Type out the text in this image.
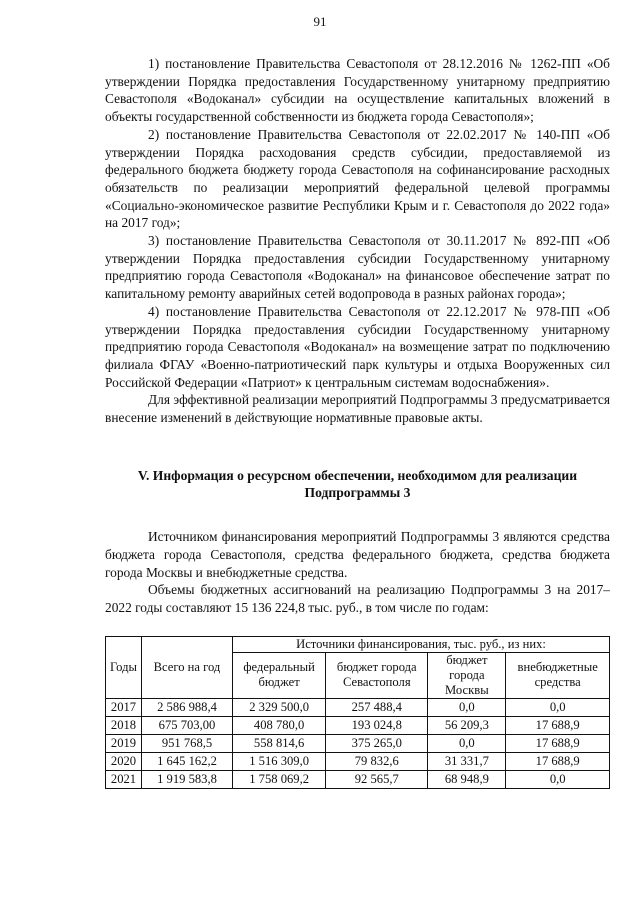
91

1) постановление Правительства Севастополя от 28.12.2016 № 1262-ПП «Об утверждении Порядка предоставления Государственному унитарному предприятию Севастополя «Водоканал» субсидии на осуществление капитальных вложений в объекты государственной собственности из бюджета города Севастополя»;

2) постановление Правительства Севастополя от 22.02.2017 № 140-ПП «Об утверждении Порядка расходования средств субсидии, предоставляемой из федерального бюджета бюджету города Севастополя на софинансирование расходных обязательств по реализации мероприятий федеральной целевой программы «Социально-экономическое развитие Республики Крым и г. Севастополя до 2022 года» на 2017 год»;

3) постановление Правительства Севастополя от 30.11.2017 № 892-ПП «Об утверждении Порядка предоставления субсидии Государственному унитарному предприятию города Севастополя «Водоканал» на финансовое обеспечение затрат по капитальному ремонту аварийных сетей водопровода в разных районах города»;

4) постановление Правительства Севастополя от 22.12.2017 № 978-ПП «Об утверждении Порядка предоставления субсидии Государственному унитарному предприятию города Севастополя «Водоканал» на возмещение затрат по подключению филиала ФГАУ «Военно-патриотический парк культуры и отдыха Вооруженных сил Российской Федерации «Патриот» к центральным системам водоснабжения».

Для эффективной реализации мероприятий Подпрограммы 3 предусматривается внесение изменений в действующие нормативные правовые акты.

V. Информация о ресурсном обеспечении, необходимом для реализации Подпрограммы 3

Источником финансирования мероприятий Подпрограммы 3 являются средства бюджета города Севастополя, средства федерального бюджета, средства бюджета города Москвы и внебюджетные средства.

Объемы бюджетных ассигнований на реализацию Подпрограммы 3 на 2017–2022 годы составляют 15 136 224,8 тыс. руб., в том числе по годам:

Годы	Всего на год	Источники финансирования, тыс. руб., из них:			
		федеральный бюджет	бюджет города Севастополя	бюджет города Москвы	внебюджетные средства
2017	2 586 988,4	2 329 500,0	257 488,4	0,0	0,0
2018	675 703,00	408 780,0	193 024,8	56 209,3	17 688,9
2019	951 768,5	558 814,6	375 265,0	0,0	17 688,9
2020	1 645 162,2	1 516 309,0	79 832,6	31 331,7	17 688,9
2021	1 919 583,8	1 758 069,2	92 565,7	68 948,9	0,0
